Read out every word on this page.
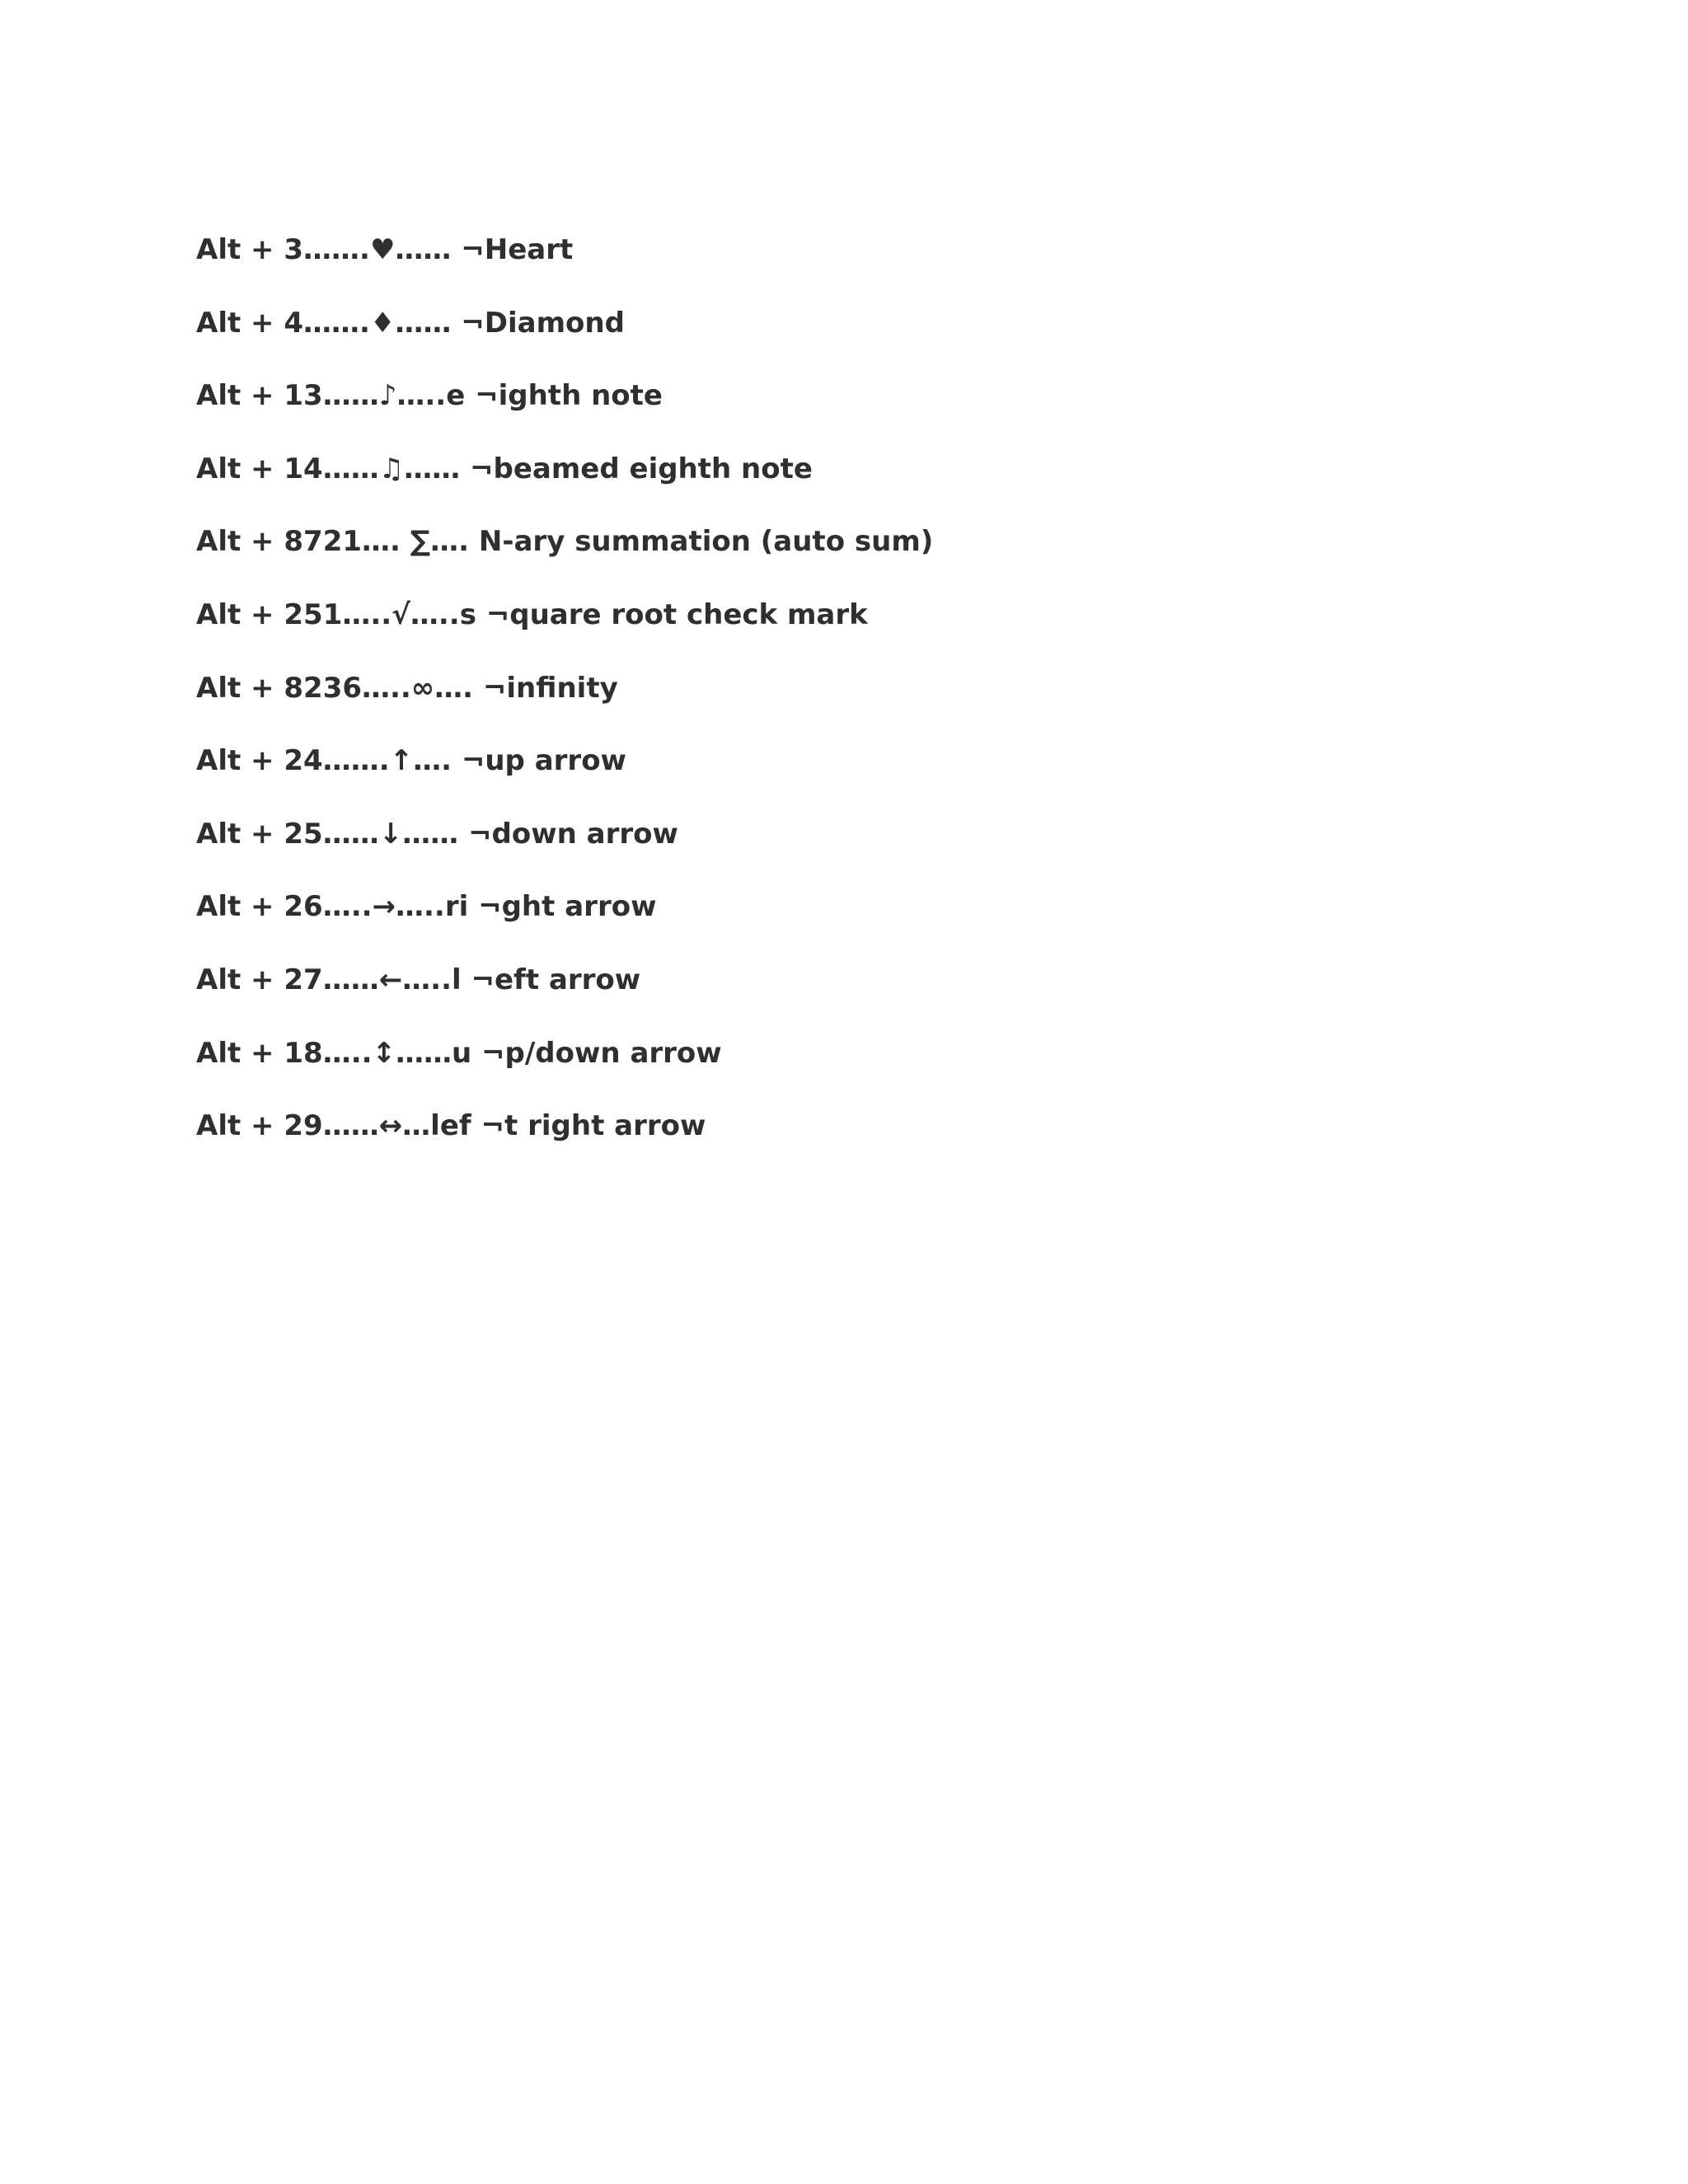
Alt + 3…….♥…… ¬Heart
Alt + 4…….♦…… ¬Diamond
Alt + 13……♪…..e ¬ighth note
Alt + 14……♫…… ¬beamed eighth note
Alt + 8721…. ∑…. N-ary summation (auto sum)
Alt + 251…..√…..s ¬quare root check mark
Alt + 8236…..∞…. ¬infinity
Alt + 24…….↑…. ¬up arrow
Alt + 25……↓…… ¬down arrow
Alt + 26…..→…..ri ¬ght arrow
Alt + 27……←…..l ¬eft arrow
Alt + 18…..↕……u ¬p/down arrow
Alt + 29……↔…lef ¬t right arrow
